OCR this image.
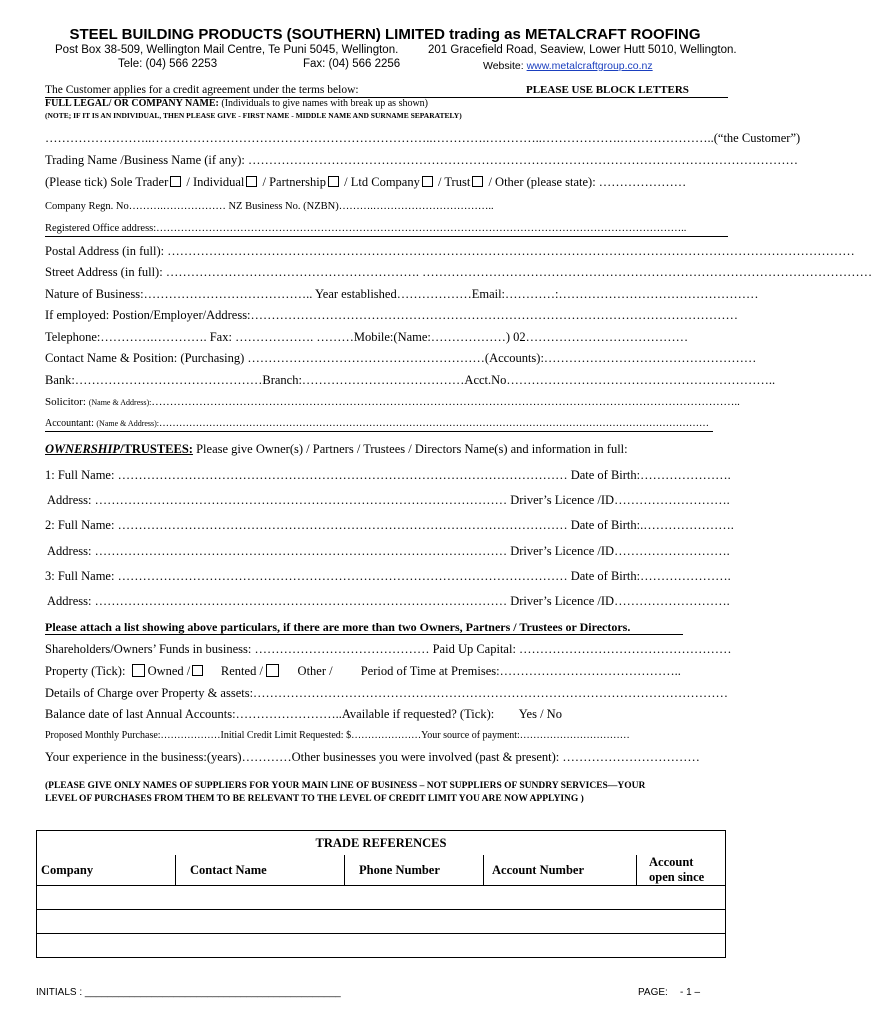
STEEL BUILDING PRODUCTS (SOUTHERN) LIMITED trading as METALCRAFT ROOFING
Post Box 38-509, Wellington Mail Centre, Te Puni 5045, Wellington.	201 Gracefield Road, Seaview, Lower Hutt 5010, Wellington.
Tele: (04) 566 2253	Fax: (04) 566 2256	Website: www.metalcraftgroup.co.nz
The Customer applies for a credit agreement under the terms below:	PLEASE USE BLOCK LETTERS
FULL LEGAL/ OR COMPANY NAME: (Individuals to give names with break up as shown)
(NOTE; IF IT IS AN INDIVIDUAL, THEN PLEASE GIVE - FIRST NAME - MIDDLE NAME AND SURNAME SEPARATELY)
……………………..…………………………………………………………..………….…………..……………….…………………..(“the Customer”)
Trading Name /Business Name (if any): ……………………………………………………………………………………………………………………
(Please tick) Sole Trader / Individual / Partnership / Ltd Company / Trust / Other (please state): …………………
Company Regn. No……….……………… NZ Business No. (NZBN)……….……………………………..
Registered Office address:……………………………………………………………………………………………………………………………………..
Postal Address (in full): …………………………………………………………………………………………………………………………………………………
Street Address (in full): ……………………………………………………. ………………………………………………………………………………………………
Nature of Business:………………………………….. Year established………………Email:…………:…………………………………………
If employed: Postion/Employer/Address:………………………………………………………………………………………………………
Telephone:………….…………. Fax: ………………. ………Mobile:(Name:………………) 02…………………………………
Contact Name & Position: (Purchasing) …………………………………………………(Accounts):……………………………………………
Bank:………………………………………Branch:…………………………………Acct.No………………………………………………………..
Solicitor: (Name & Address):……………………………………………………………………………………………………………………………………………..
Accountant: (Name & Address):…………………………………………………………………………………………………………………………………………………
OWNERSHIP/TRUSTEES: Please give Owner(s) / Partners / Trustees / Directors Name(s) and information in full:
1: Full Name: ……………………………………………………………………………………………… Date of Birth:………………….
Address: ……………………………………………………………………………………… Driver’s Licence /ID……………………….
2: Full Name: ……………………………………………………………………………………………… Date of Birth:.………………….
Address: ……………………………………………………………………………………… Driver’s Licence /ID……………………….
3: Full Name: ……………………………………………………………………………………………… Date of Birth:………………….
Address: ……………………………………………………………………………………… Driver’s Licence /ID……………………….
Please attach a list showing above particulars, if there are more than two Owners, Partners / Trustees or Directors.
Shareholders/Owners’ Funds in business: …………………………………… Paid Up Capital: ……………………………………………
Property (Tick): Owned / Rented /	Other / Period of Time at Premises:……………………………………..
Details of Charge over Property & assets:……………………………………………………………………………………………………
Balance date of last Annual Accounts:……………………..Available if requested? (Tick): Yes / No
Proposed Monthly Purchase:………………Initial Credit Limit Requested: $…………………Your source of payment:……………………………
Your experience in the business:(years)…………Other businesses you were involved (past & present): ……………………………
(PLEASE GIVE ONLY NAMES OF SUPPLIERS FOR YOUR MAIN LINE OF BUSINESS – NOT SUPPLIERS OF SUNDRY SERVICES—YOUR
LEVEL OF PURCHASES FROM THEM TO BE RELEVANT TO THE LEVEL OF CREDIT LIMIT YOU ARE NOW APPLYING )
TRADE REFERENCES
Company	Contact Name	Phone Number	Account Number	Account open since

INITIALS : ______________________________________________	PAGE: - 1 –
